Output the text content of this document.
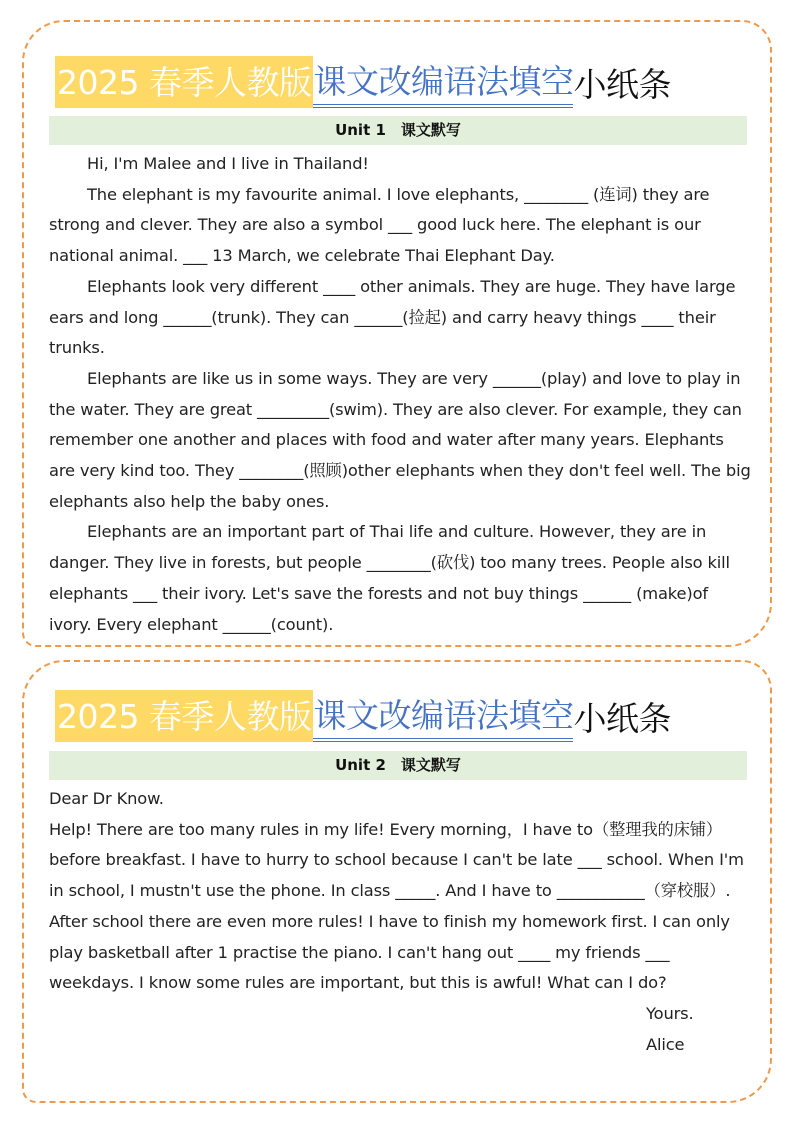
2025 春季人教版 课文改编语法填空 小纸条
Unit 1　课文默写

Hi, I'm Malee and I live in Thailand!

The elephant is my favourite animal. I love elephants, ________ (连词) they are strong and clever. They are also a symbol ___ good luck here. The elephant is our national animal. ___ 13 March, we celebrate Thai Elephant Day.

Elephants look very different ____ other animals. They are huge. They have large ears and long ______(trunk). They can ______(捡起) and carry heavy things ____ their trunks.

Elephants are like us in some ways. They are very ______(play) and love to play in the water. They are great _________(swim). They are also clever. For example, they can remember one another and places with food and water after many years. Elephants are very kind too. They ________(照顾)other elephants when they don't feel well. The big elephants also help the baby ones.

Elephants are an important part of Thai life and culture. However, they are in danger. They live in forests, but people ________(砍伐) too many trees. People also kill elephants ___ their ivory. Let's save the forests and not buy things ______ (make)of ivory. Every elephant ______(count).

2025 春季人教版 课文改编语法填空 小纸条
Unit 2　课文默写

Dear Dr Know.

Help! There are too many rules in my life! Every morning，I have to（整理我的床铺） before breakfast. I have to hurry to school because I can't be late ___ school. When I'm in school, I mustn't use the phone. In class _____. And I have to ___________（穿校服）.

After school there are even more rules! I have to finish my homework first. I can only play basketball after 1 practise the piano. I can't hang out ____ my friends ___ weekdays. I know some rules are important, but this is awful! What can I do?

Yours.

Alice
